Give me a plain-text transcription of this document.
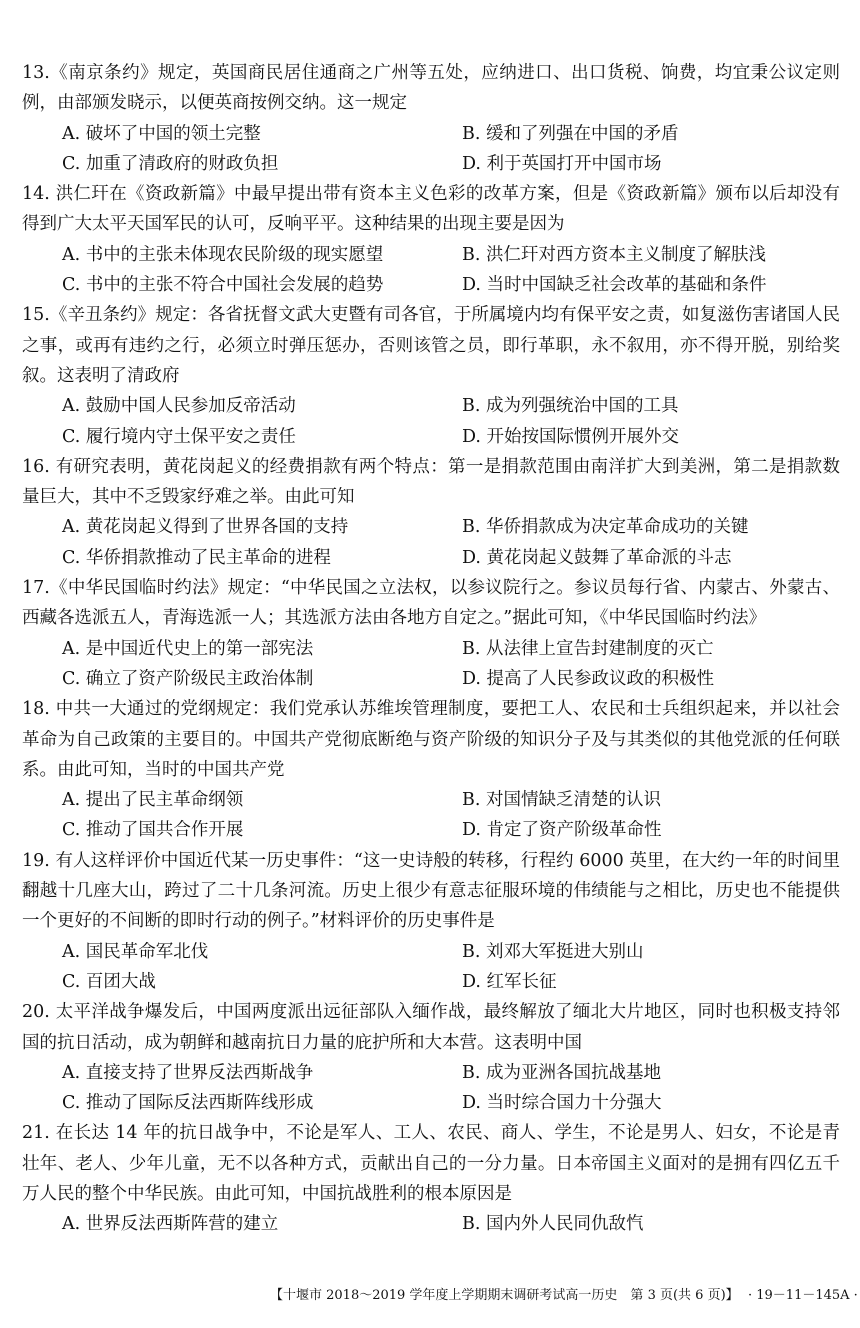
13.《南京条约》规定，英国商民居住通商之广州等五处，应纳进口、出口货税、饷费，均宜秉公议定则例，由部颁发晓示，以便英商按例交纳。这一规定

A. 破坏了中国的领土完整	B. 缓和了列强在中国的矛盾
C. 加重了清政府的财政负担	D. 利于英国打开中国市场

14. 洪仁玕在《资政新篇》中最早提出带有资本主义色彩的改革方案，但是《资政新篇》颁布以后却没有得到广大太平天国军民的认可，反响平平。这种结果的出现主要是因为

A. 书中的主张未体现农民阶级的现实愿望	B. 洪仁玕对西方资本主义制度了解肤浅
C. 书中的主张不符合中国社会发展的趋势	D. 当时中国缺乏社会改革的基础和条件

15.《辛丑条约》规定：各省抚督文武大吏暨有司各官，于所属境内均有保平安之责，如复滋伤害诸国人民之事，或再有违约之行，必须立时弹压惩办，否则该管之员，即行革职，永不叙用，亦不得开脱，别给奖叙。这表明了清政府

A. 鼓励中国人民参加反帝活动	B. 成为列强统治中国的工具
C. 履行境内守土保平安之责任	D. 开始按国际惯例开展外交

16. 有研究表明，黄花岗起义的经费捐款有两个特点：第一是捐款范围由南洋扩大到美洲，第二是捐款数量巨大，其中不乏毁家纾难之举。由此可知

A. 黄花岗起义得到了世界各国的支持	B. 华侨捐款成为决定革命成功的关键
C. 华侨捐款推动了民主革命的进程	D. 黄花岗起义鼓舞了革命派的斗志

17.《中华民国临时约法》规定：“中华民国之立法权，以参议院行之。参议员每行省、内蒙古、外蒙古、西藏各选派五人，青海选派一人；其选派方法由各地方自定之。”据此可知，《中华民国临时约法》

A. 是中国近代史上的第一部宪法	B. 从法律上宣告封建制度的灭亡
C. 确立了资产阶级民主政治体制	D. 提高了人民参政议政的积极性

18. 中共一大通过的党纲规定：我们党承认苏维埃管理制度，要把工人、农民和士兵组织起来，并以社会革命为自己政策的主要目的。中国共产党彻底断绝与资产阶级的知识分子及与其类似的其他党派的任何联系。由此可知，当时的中国共产党

A. 提出了民主革命纲领	B. 对国情缺乏清楚的认识
C. 推动了国共合作开展	D. 肯定了资产阶级革命性

19. 有人这样评价中国近代某一历史事件：“这一史诗般的转移，行程约 6000 英里，在大约一年的时间里翻越十几座大山，跨过了二十几条河流。历史上很少有意志征服环境的伟绩能与之相比，历史也不能提供一个更好的不间断的即时行动的例子。”材料评价的历史事件是

A. 国民革命军北伐	B. 刘邓大军挺进大别山
C. 百团大战	D. 红军长征

20. 太平洋战争爆发后，中国两度派出远征部队入缅作战，最终解放了缅北大片地区，同时也积极支持邻国的抗日活动，成为朝鲜和越南抗日力量的庇护所和大本营。这表明中国

A. 直接支持了世界反法西斯战争	B. 成为亚洲各国抗战基地
C. 推动了国际反法西斯阵线形成	D. 当时综合国力十分强大

21. 在长达 14 年的抗日战争中，不论是军人、工人、农民、商人、学生，不论是男人、妇女，不论是青壮年、老人、少年儿童，无不以各种方式，贡献出自己的一分力量。日本帝国主义面对的是拥有四亿五千万人民的整个中华民族。由此可知，中国抗战胜利的根本原因是

A. 世界反法西斯阵营的建立	B. 国内外人民同仇敌忾
【十堰市 2018～2019 学年度上学期期末调研考试高一历史　第 3 页(共 6 页)】 · 19－11－145A ·
